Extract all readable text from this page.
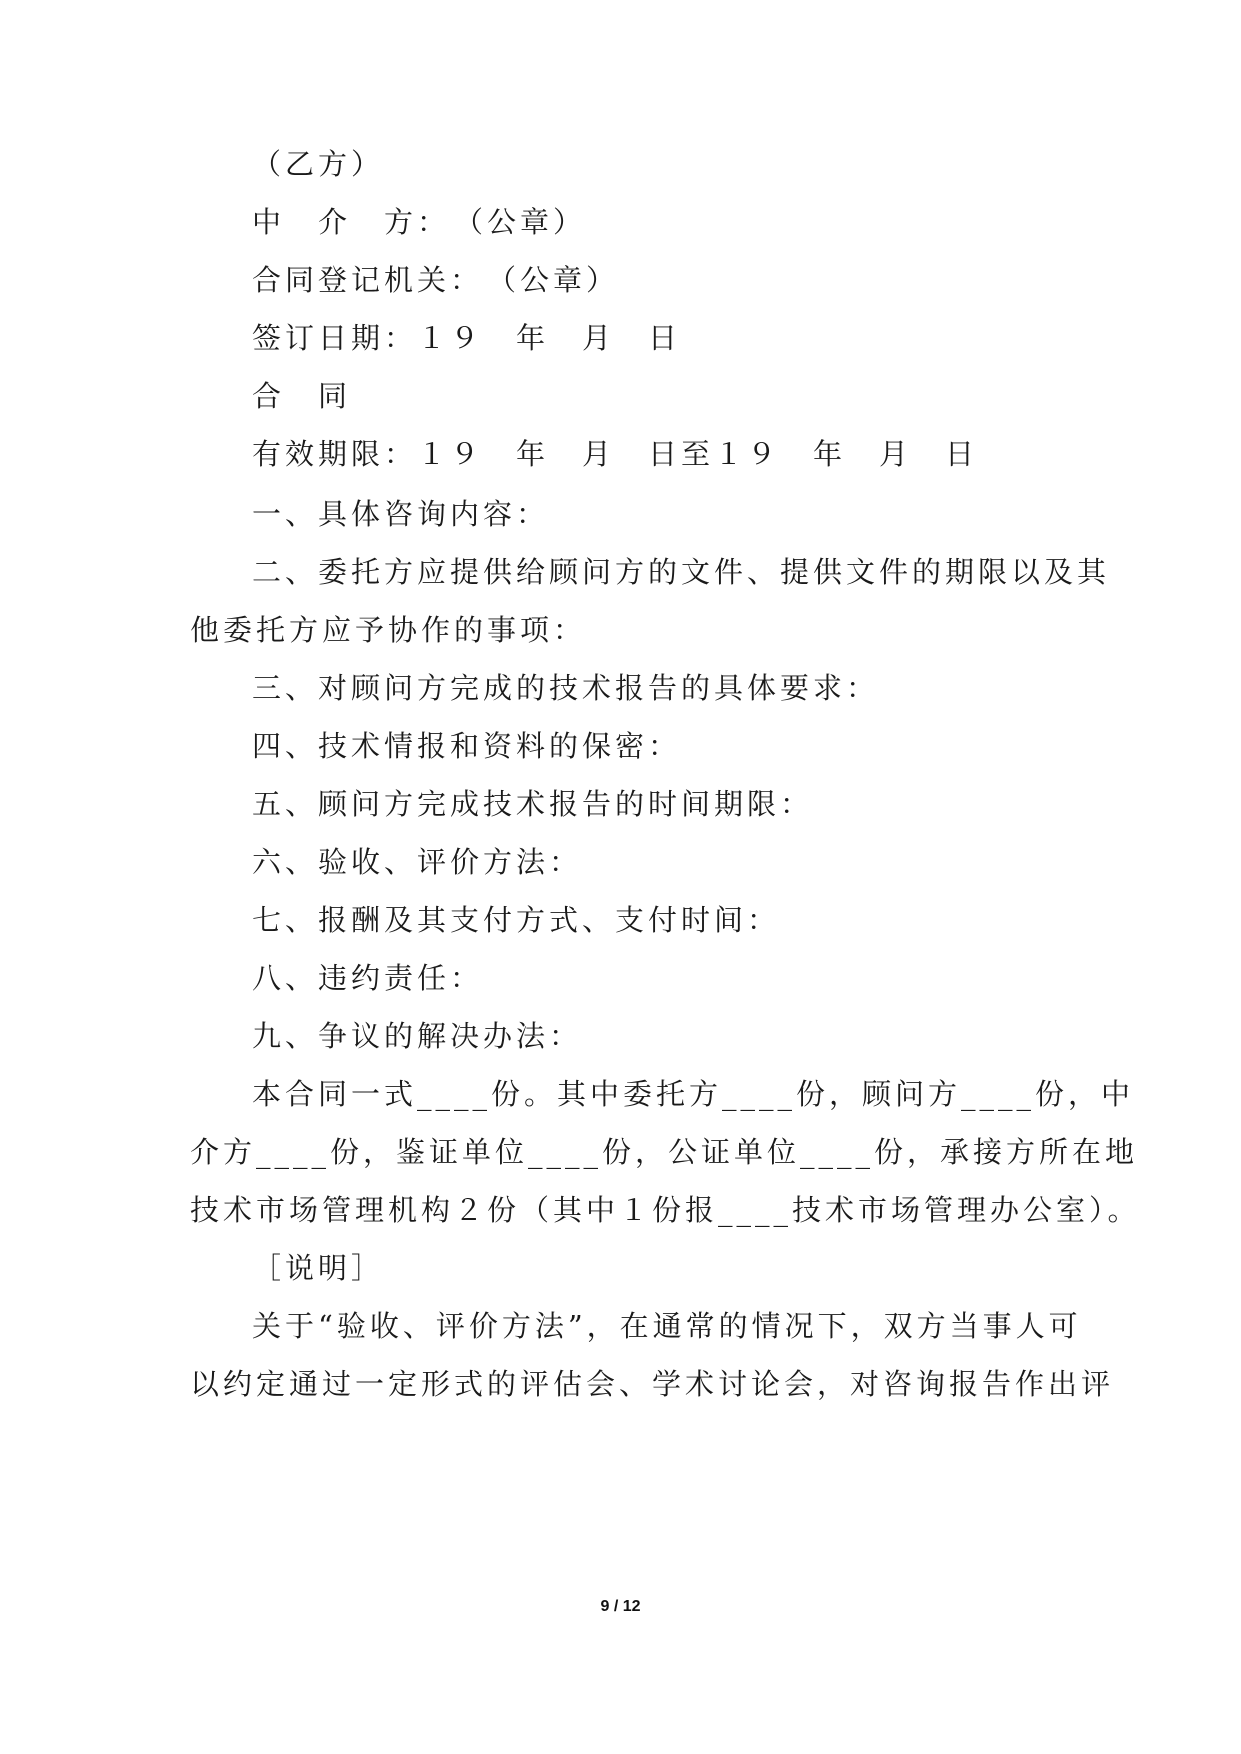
（乙方）
中　介　方：　（公章）
合同登记机关：　（公章）
签订日期：１９　年　月　日
合　同
有效期限：１９　年　月　日至１９　年　月　日
一、具体咨询内容：
二、委托方应提供给顾问方的文件、提供文件的期限以及其
他委托方应予协作的事项：
三、对顾问方完成的技术报告的具体要求：
四、技术情报和资料的保密：
五、顾问方完成技术报告的时间期限：
六、验收、评价方法：
七、报酬及其支付方式、支付时间：
八、违约责任：
九、争议的解决办法：
本合同一式____份。其中委托方____份，顾问方____份，中
介方____份，鉴证单位____份，公证单位____份，承接方所在地
技术市场管理机构２份（其中１份报____技术市场管理办公室）。
［说明］
关于“验收、评价方法”，在通常的情况下，双方当事人可
以约定通过一定形式的评估会、学术讨论会，对咨询报告作出评
9 / 12
